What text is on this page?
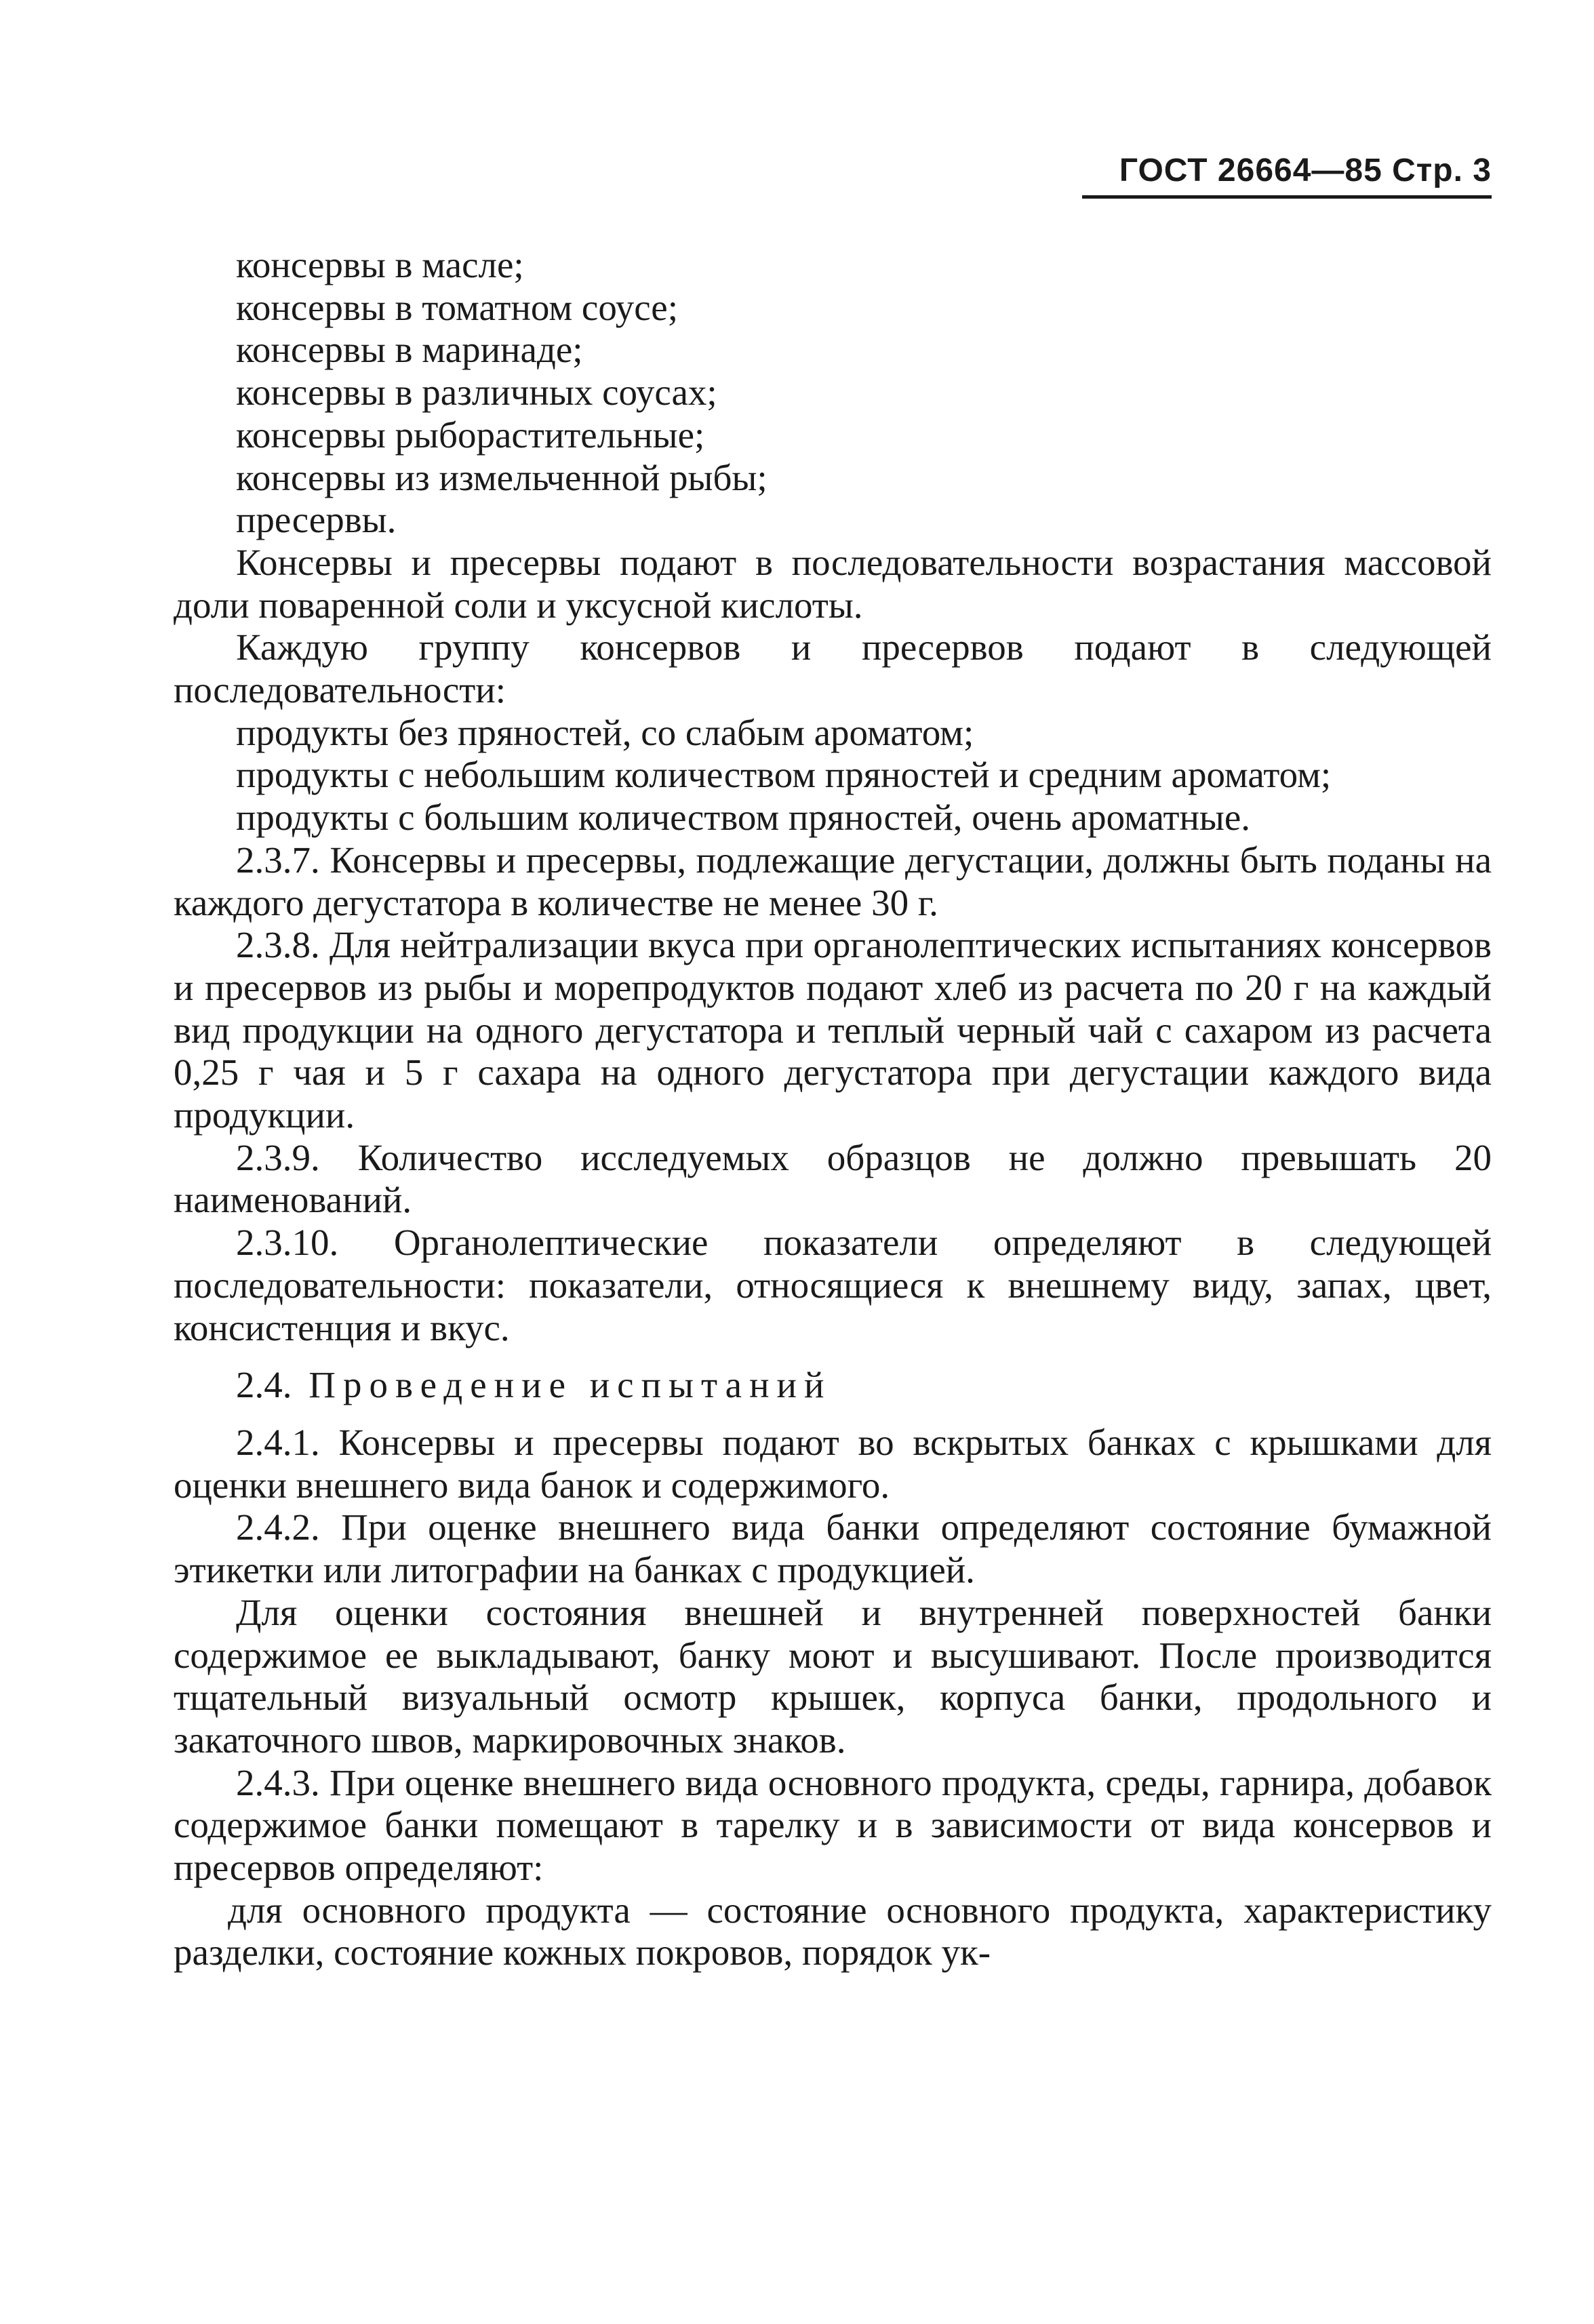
ГОСТ 26664—85 Стр. 3

консервы в масле;

консервы в томатном соусе;

консервы в маринаде;

консервы в различных соусах;

консервы рыборастительные;

консервы из измельченной рыбы;

пресервы.

Консервы и пресервы подают в последовательности возрастания массовой доли поваренной соли и уксусной кислоты.

Каждую группу консервов и пресервов подают в следующей последовательности:

продукты без пряностей, со слабым ароматом;

продукты с небольшим количеством пряностей и средним ароматом;

продукты с большим количеством пряностей, очень ароматные.

2.3.7. Консервы и пресервы, подлежащие дегустации, должны быть поданы на каждого дегустатора в количестве не менее 30 г.

2.3.8. Для нейтрализации вкуса при органолептических испытаниях консервов и пресервов из рыбы и морепродуктов подают хлеб из расчета по 20 г на каждый вид продукции на одного дегустатора и теплый черный чай с сахаром из расчета 0,25 г чая и 5 г сахара на одного дегустатора при дегустации каждого вида продукции.

2.3.9. Количество исследуемых образцов не должно превышать 20 наименований.

2.3.10. Органолептические показатели определяют в следующей последовательности: показатели, относящиеся к внешнему виду, запах, цвет, консистенция и вкус.

2.4. Проведение испытаний

2.4.1. Консервы и пресервы подают во вскрытых банках с крышками для оценки внешнего вида банок и содержимого.

2.4.2. При оценке внешнего вида банки определяют состояние бумажной этикетки или литографии на банках с продукцией.

Для оценки состояния внешней и внутренней поверхностей банки содержимое ее выкладывают, банку моют и высушивают. После производится тщательный визуальный осмотр крышек, корпуса банки, продольного и закаточного швов, маркировочных знаков.

2.4.3. При оценке внешнего вида основного продукта, среды, гарнира, добавок содержимое банки помещают в тарелку и в зависимости от вида консервов и пресервов определяют:

для основного продукта — состояние основного продукта, характеристику разделки, состояние кожных покровов, порядок ук-
